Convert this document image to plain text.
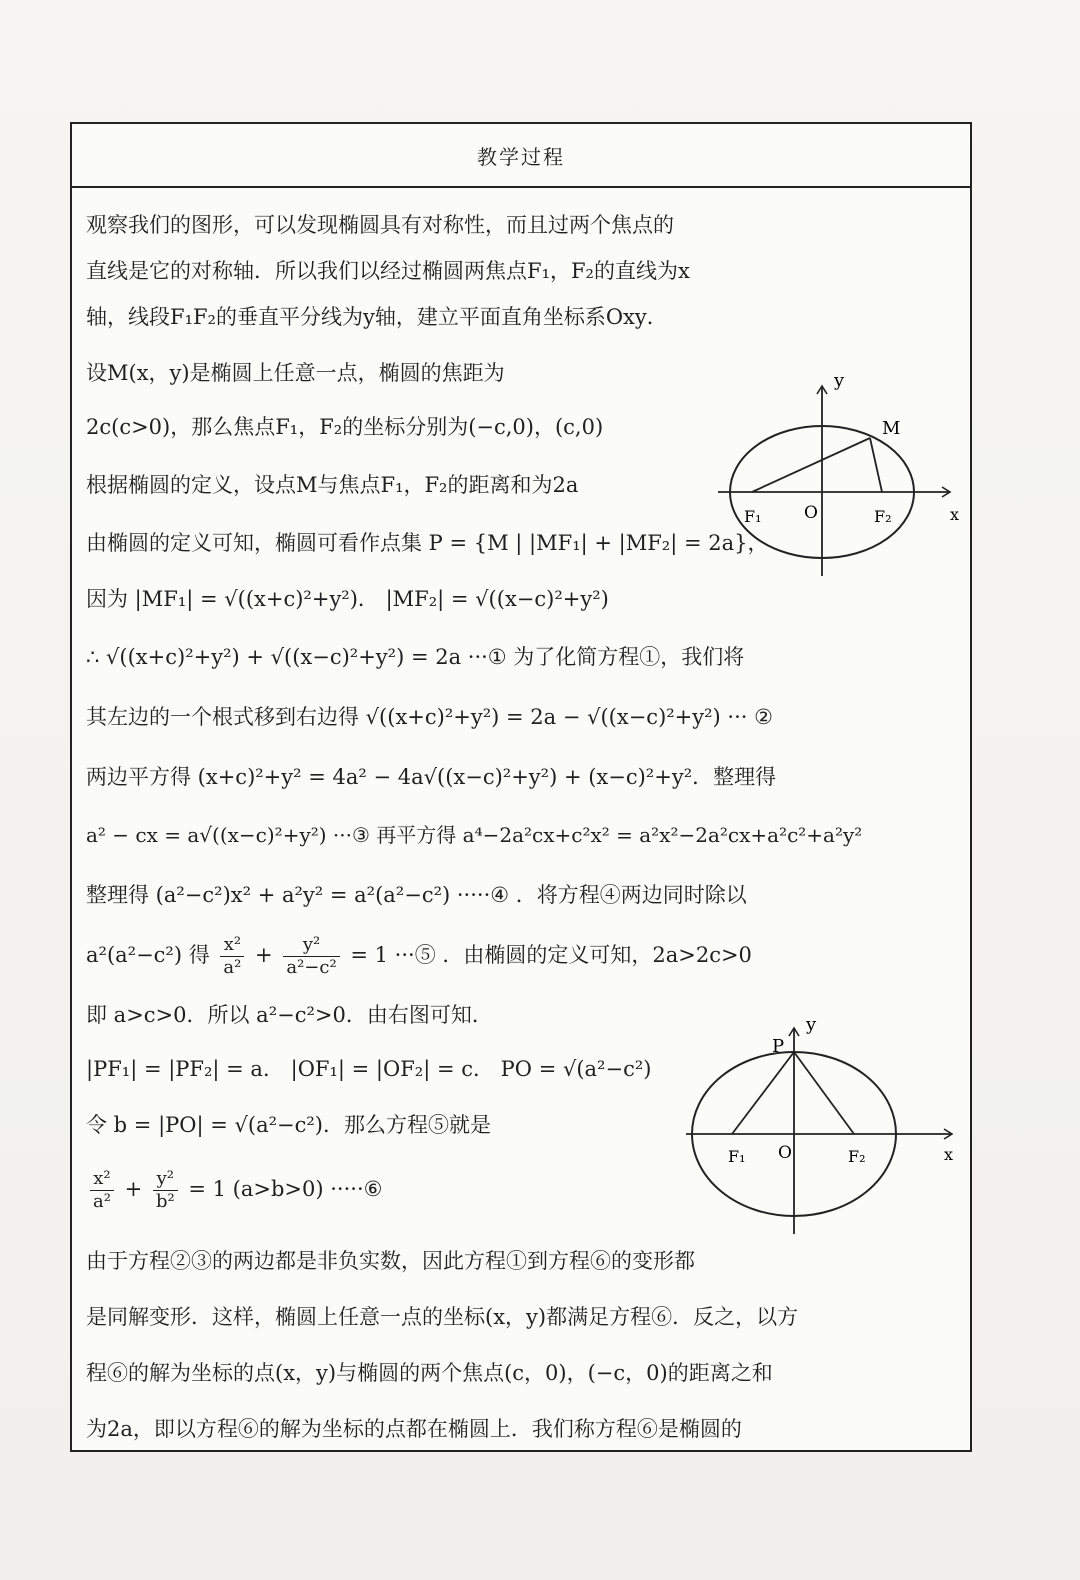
教学过程

观察我们的图形，可以发现椭圆具有对称性，而且过两个焦点的

直线是它的对称轴．所以我们以经过椭圆两焦点F₁，F₂的直线为x

轴，线段F₁F₂的垂直平分线为y轴，建立平面直角坐标系Oxy．

设M(x，y)是椭圆上任意一点，椭圆的焦距为

2c(c>0)，那么焦点F₁，F₂的坐标分别为(−c,0)，(c,0)

根据椭圆的定义，设点M与焦点F₁，F₂的距离和为2a

由椭圆的定义可知，椭圆可看作点集 P = {M | |MF₁| + |MF₂| = 2a}，

因为 |MF₁| = √((x+c)²+y²)． |MF₂| = √((x−c)²+y²)

∴ √((x+c)²+y²) + √((x−c)²+y²) = 2a ···① 为了化简方程①，我们将

其左边的一个根式移到右边得 √((x+c)²+y²) = 2a − √((x−c)²+y²) ··· ②

两边平方得 (x+c)²+y² = 4a² − 4a√((x−c)²+y²) + (x−c)²+y²．整理得

a² − cx = a√((x−c)²+y²) ···③ 再平方得 a⁴−2a²cx+c²x² = a²x²−2a²cx+a²c²+a²y²

整理得 (a²−c²)x² + a²y² = a²(a²−c²) ·····④ ．将方程④两边同时除以

a²(a²−c²) 得 $\frac{\text{x²}}{\text{a²}} + \frac{\text{y²}}{\text{a²−c²}} = 1$ ···⑤ ．由椭圆的定义可知，2a>2c>0

即 a>c>0．所以 a²−c²>0．由右图可知．

|PF₁| = |PF₂| = a． |OF₁| = |OF₂| = c． PO = √(a²−c²)

令 b = |PO| = √(a²−c²)．那么方程⑤就是

$\frac{\text{x²}}{\text{a²}} + \frac{\text{y²}}{\text{b²}} = 1$ (a>b>0) ·····⑥

由于方程②③的两边都是非负实数，因此方程①到方程⑥的变形都

是同解变形．这样，椭圆上任意一点的坐标(x，y)都满足方程⑥．反之，以方

程⑥的解为坐标的点(x，y)与椭圆的两个焦点(c，0)，(−c，0)的距离之和

为2a，即以方程⑥的解为坐标的点都在椭圆上．我们称方程⑥是椭圆的

y
x
M
O
F₁	F₂
y
x
P
O
F₁	F₂
